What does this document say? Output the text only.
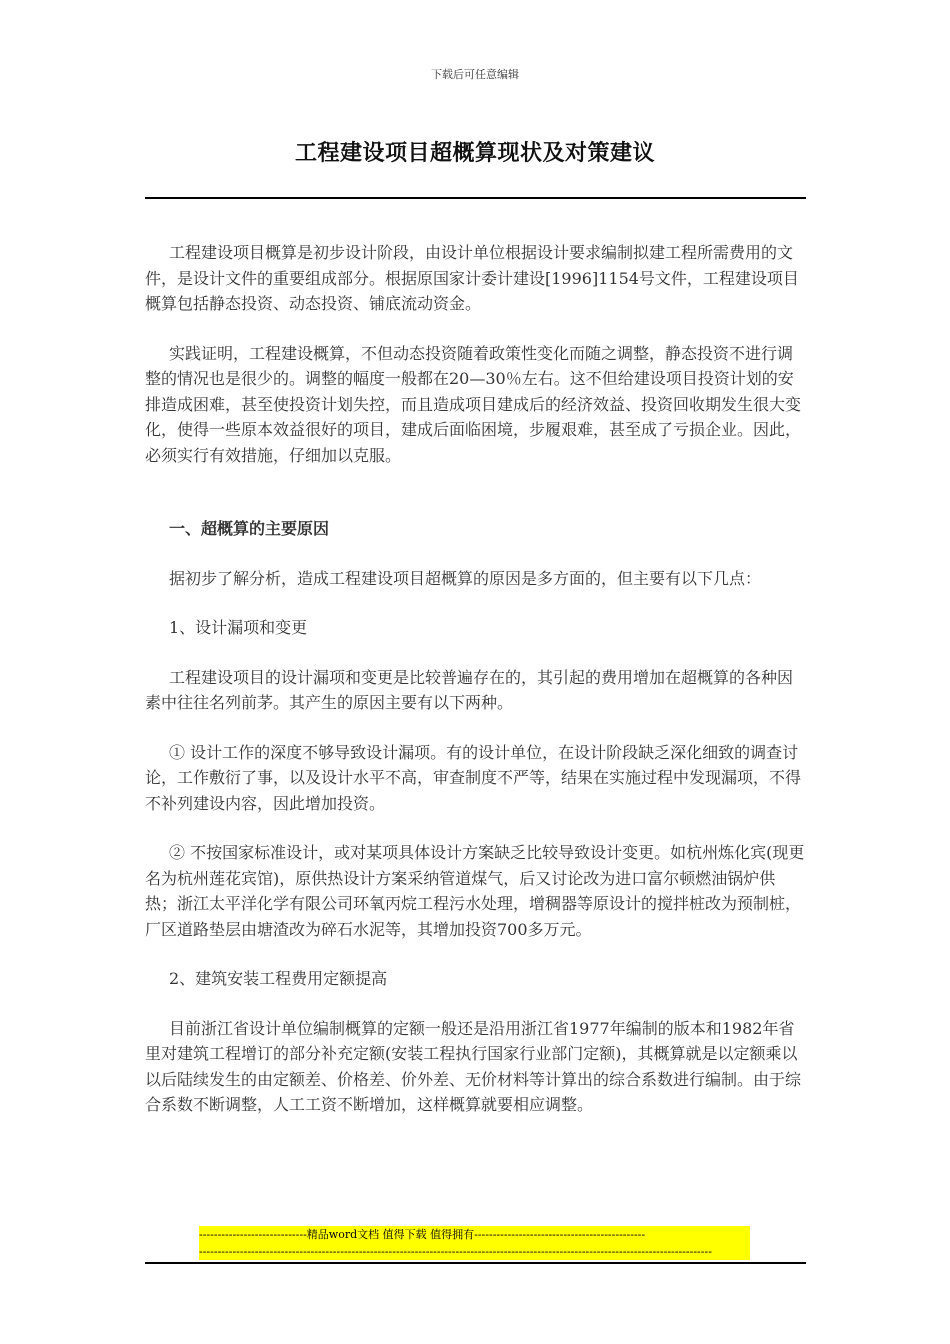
下载后可任意编辑
工程建设项目超概算现状及对策建议

工程建设项目概算是初步设计阶段，由设计单位根据设计要求编制拟建工程所需费用的文件，是设计文件的重要组成部分。根据原国家计委计建设[1996]1154号文件，工程建设项目概算包括静态投资、动态投资、铺底流动资金。

实践证明，工程建设概算，不但动态投资随着政策性变化而随之调整，静态投资不进行调整的情况也是很少的。调整的幅度一般都在20—30％左右。这不但给建设项目投资计划的安排造成困难，甚至使投资计划失控，而且造成项目建成后的经济效益、投资回收期发生很大变化，使得一些原本效益很好的项目，建成后面临困境，步履艰难，甚至成了亏损企业。因此，必须实行有效措施，仔细加以克服。

一、超概算的主要原因

据初步了解分析，造成工程建设项目超概算的原因是多方面的，但主要有以下几点：

1、设计漏项和变更

工程建设项目的设计漏项和变更是比较普遍存在的，其引起的费用增加在超概算的各种因素中往往名列前茅。其产生的原因主要有以下两种。

① 设计工作的深度不够导致设计漏项。有的设计单位，在设计阶段缺乏深化细致的调查讨论，工作敷衍了事，以及设计水平不高，审查制度不严等，结果在实施过程中发现漏项，不得不补列建设内容，因此增加投资。

② 不按国家标准设计，或对某项具体设计方案缺乏比较导致设计变更。如杭州炼化宾(现更名为杭州莲花宾馆)，原供热设计方案采纳管道煤气，后又讨论改为进口富尔顿燃油锅炉供热；浙江太平洋化学有限公司环氧丙烷工程污水处理，增稠器等原设计的搅拌桩改为预制桩，厂区道路垫层由塘渣改为碎石水泥等，其增加投资700多万元。

2、建筑安装工程费用定额提高

目前浙江省设计单位编制概算的定额一般还是沿用浙江省1977年编制的版本和1982年省里对建筑工程增订的部分补充定额(安装工程执行国家行业部门定额)，其概算就是以定额乘以以后陆续发生的由定额差、价格差、价外差、无价材料等计算出的综合系数进行编制。由于综合系数不断调整，人工工资不断增加，这样概算就要相应调整。

-----------------------------精品word文档 值得下载 值得拥有----------------------------------------------
------------------------------------------------------------------------------------------------------------------------------------------
